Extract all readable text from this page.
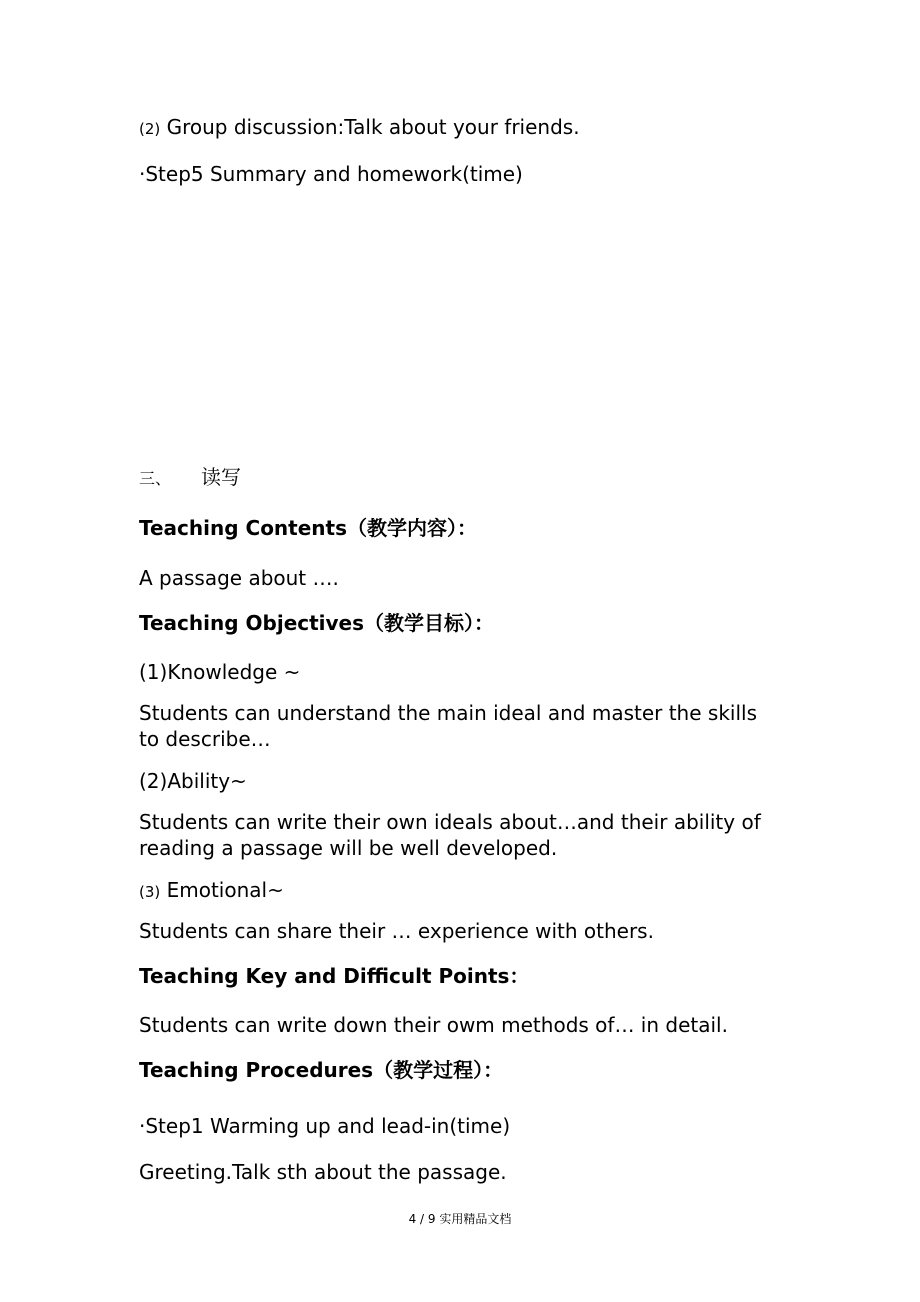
(2) Group discussion:Talk about your friends.

·Step5 Summary and homework(time)

三、 读写

Teaching Contents（教学内容）：

A passage about ….

Teaching Objectives（教学目标）：

(1)Knowledge ~

Students can understand the main ideal and master the skills to describe…

(2)Ability~

Students can write their own ideals about…and their ability of reading a passage will be well developed.

(3) Emotional~

Students can share their … experience with others.

Teaching Key and Difficult Points：

Students can write down their owm methods of… in detail.

Teaching Procedures（教学过程）：

·Step1 Warming up and lead-in(time)

Greeting.Talk sth about the passage.

4 / 9 实用精品文档
